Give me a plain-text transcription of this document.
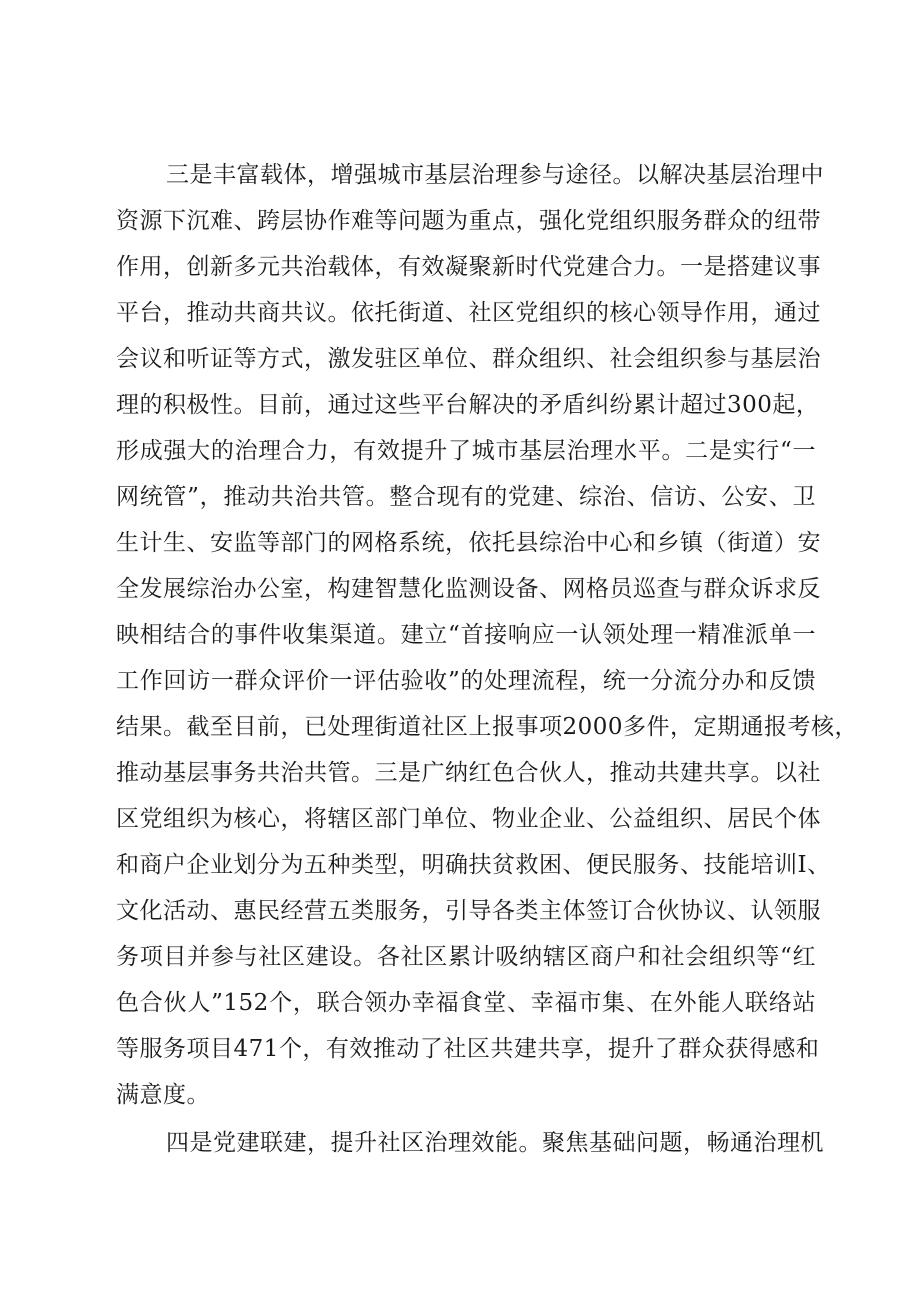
三是丰富载体，增强城市基层治理参与途径。以解决基层治理中
资源下沉难、跨层协作难等问题为重点，强化党组织服务群众的纽带
作用，创新多元共治载体，有效凝聚新时代党建合力。一是搭建议事
平台，推动共商共议。依托街道、社区党组织的核心领导作用，通过
会议和听证等方式，激发驻区单位、群众组织、社会组织参与基层治
理的积极性。目前，通过这些平台解决的矛盾纠纷累计超过300起，
形成强大的治理合力，有效提升了城市基层治理水平。二是实行“一
网统管”，推动共治共管。整合现有的党建、综治、信访、公安、卫
生计生、安监等部门的网格系统，依托县综治中心和乡镇（街道）安
全发展综治办公室，构建智慧化监测设备、网格员巡查与群众诉求反
映相结合的事件收集渠道。建立“首接响应一认领处理一精准派单一
工作回访一群众评价一评估验收”的处理流程，统一分流分办和反馈
结果。截至目前，已处理街道社区上报事项2000多件，定期通报考核，
推动基层事务共治共管。三是广纳红色合伙人，推动共建共享。以社
区党组织为核心，将辖区部门单位、物业企业、公益组织、居民个体
和商户企业划分为五种类型，明确扶贫救困、便民服务、技能培训I、
文化活动、惠民经营五类服务，引导各类主体签订合伙协议、认领服
务项目并参与社区建设。各社区累计吸纳辖区商户和社会组织等“红
色合伙人”152个，联合领办幸福食堂、幸福市集、在外能人联络站
等服务项目471个，有效推动了社区共建共享，提升了群众获得感和
满意度。
四是党建联建，提升社区治理效能。聚焦基础问题，畅通治理机
